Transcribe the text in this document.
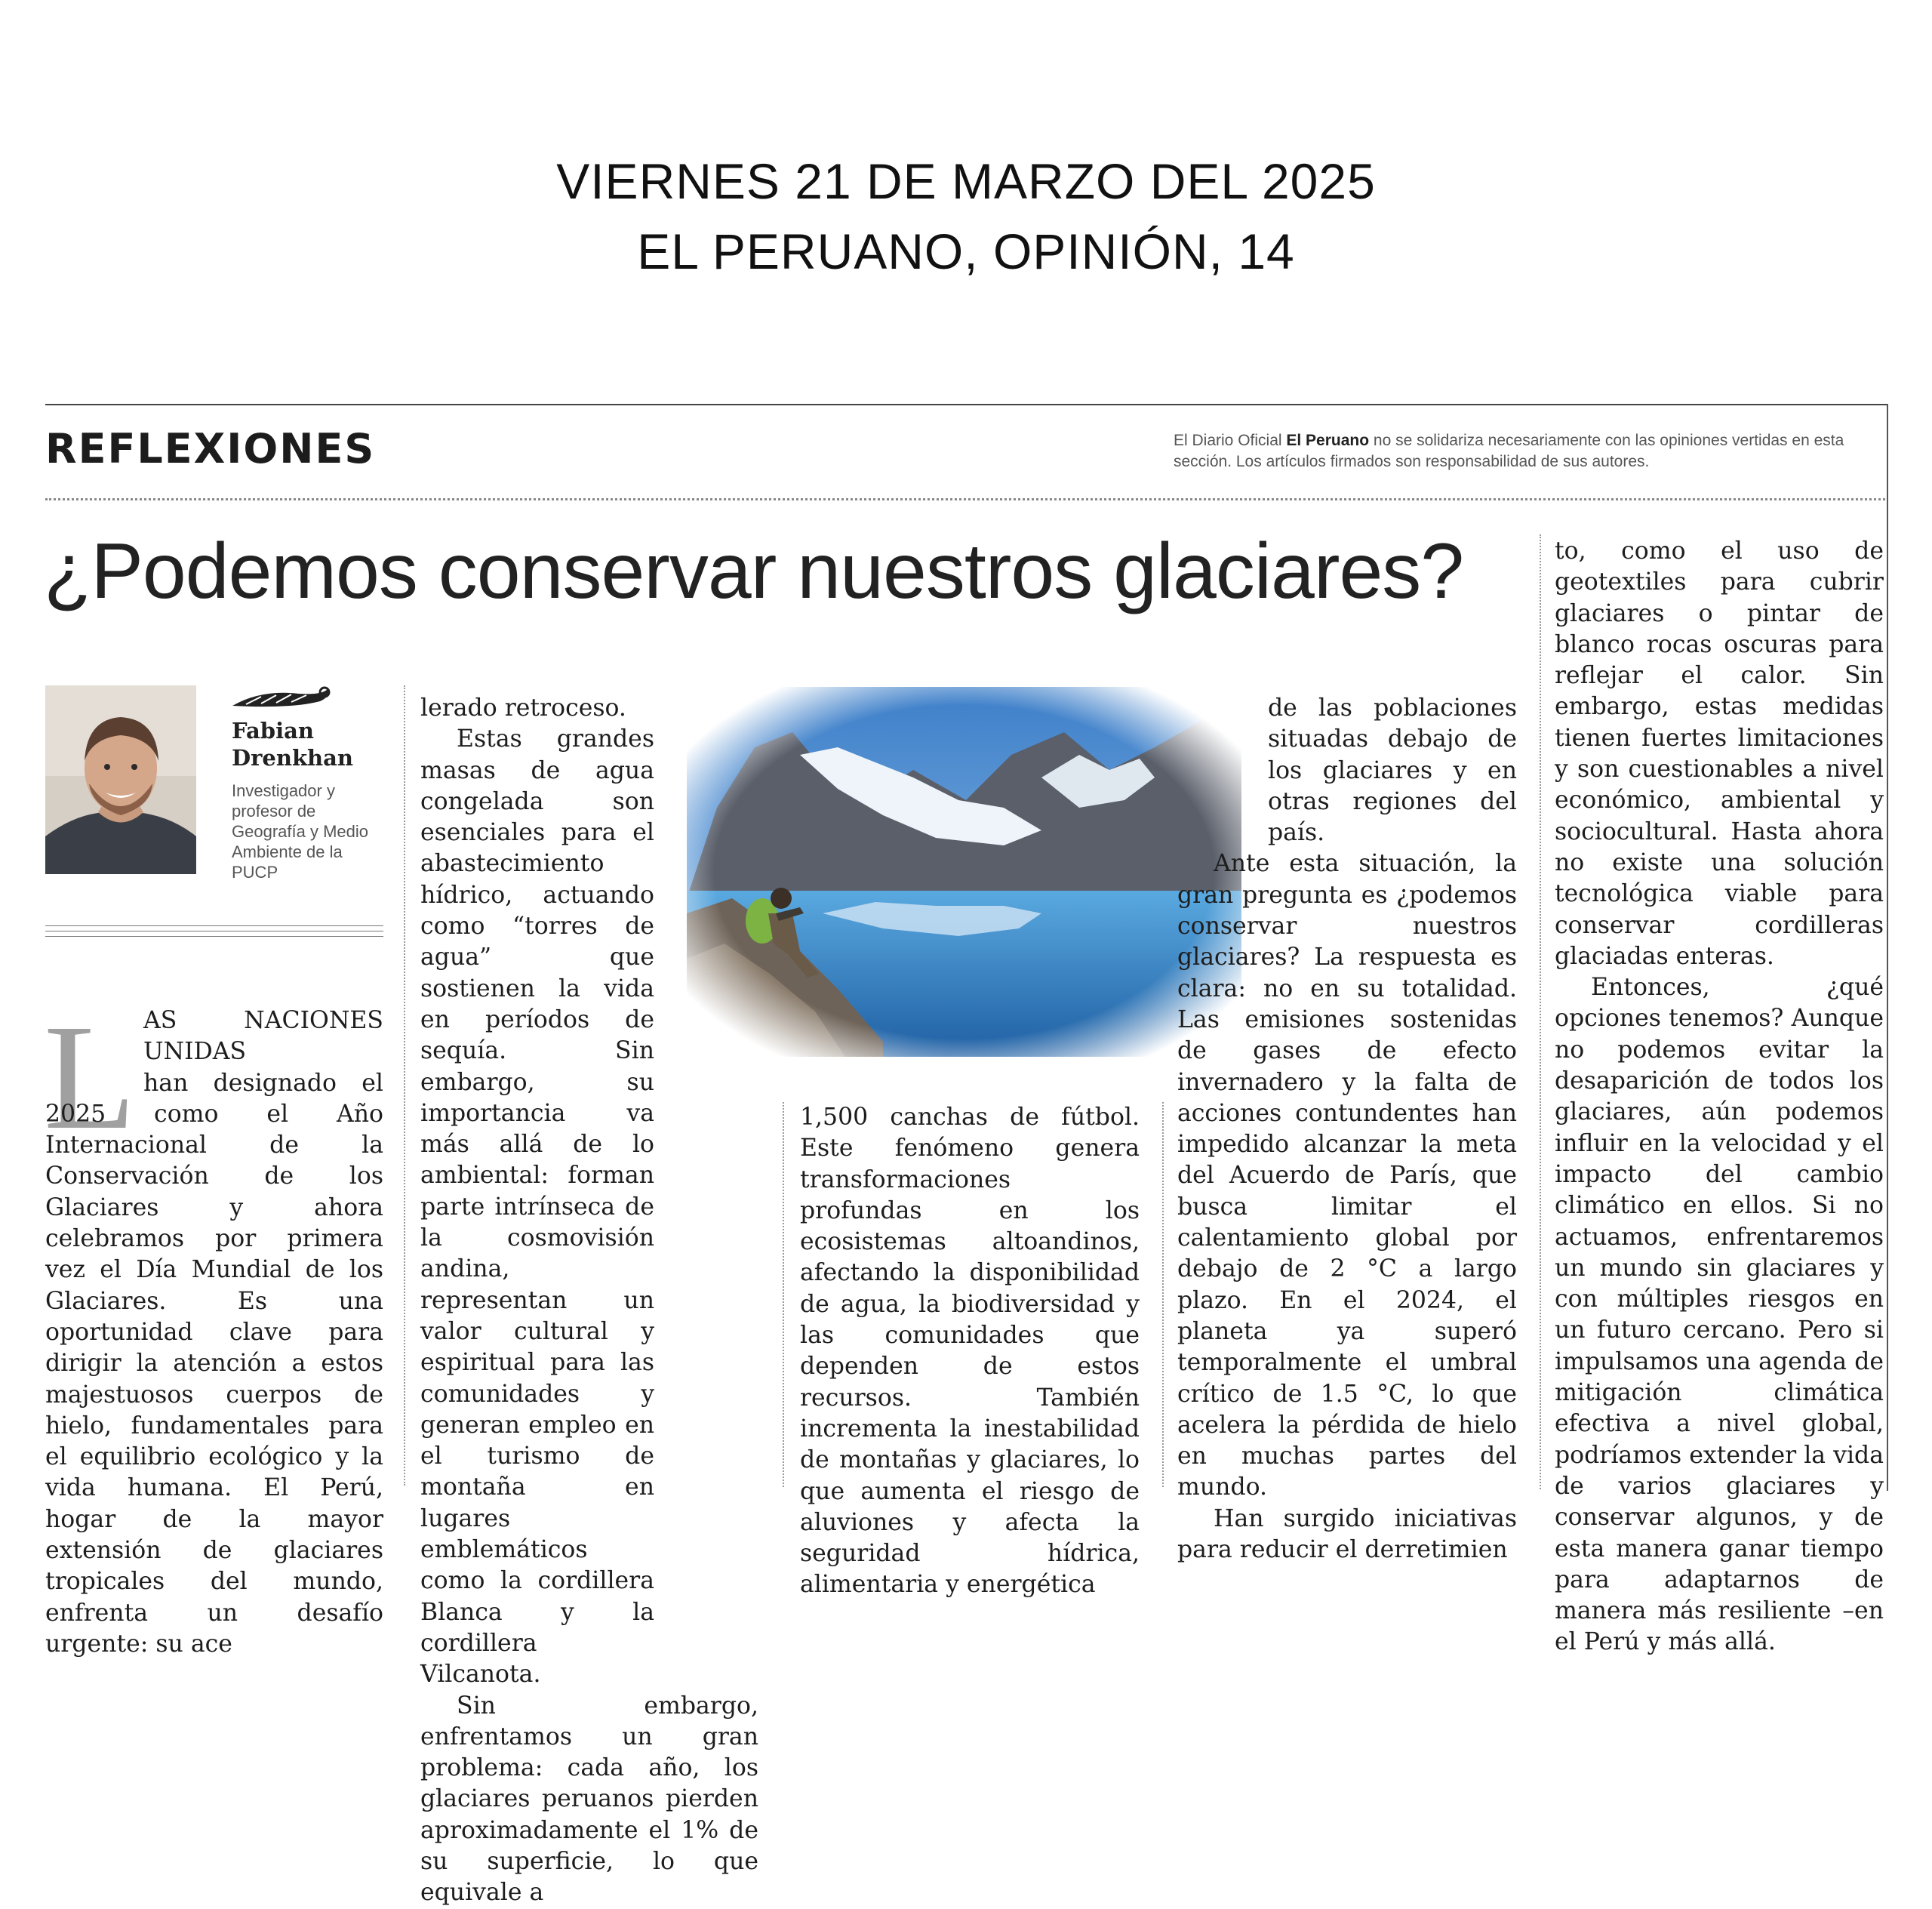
VIERNES 21 DE MARZO DEL 2025
EL PERUANO, OPINIÓN, 14
REFLEXIONES	El Diario Oficial El Peruano no se solidariza necesariamente con las opiniones vertidas en esta sección. Los artículos firmados son responsabilidad de sus autores.
¿Podemos conservar nuestros glaciares?
Fabian
Drenkhan
Investigador y profesor de Geografía y Medio Ambiente de la PUCP
L AS NACIONES UNIDAS

han designado el 2025 como el Año Internacional de la Conservación de los Glaciares y ahora celebramos por primera vez el Día Mundial de los Glaciares. Es una oportunidad clave para dirigir la atención a estos majestuosos cuerpos de hielo, fundamentales para el equilibrio ecológico y la vida humana. El Perú, hogar de la mayor extensión de glaciares tropicales del mundo, enfrenta un desafío urgente: su ace

lerado retroceso.

Estas grandes masas de agua congelada son esenciales para el abastecimiento hídrico, actuando como “torres de agua” que sostienen la vida en períodos de sequía. Sin embargo, su importancia va más allá de lo ambiental: forman parte intrínseca de la cosmovisión andina, representan un valor cultural y espiritual para las comunidades y generan empleo en el turismo de montaña en lugares emblemáticos como la cordillera Blanca y la cordillera Vilcanota.

Sin embargo, enfrentamos un gran problema: cada año, los glaciares peruanos pierden aproximadamente el 1% de su superficie, lo que equivale a

1,500 canchas de fútbol. Este fenómeno genera transformaciones profundas en los ecosistemas altoandinos, afectando la disponibilidad de agua, la biodiversidad y las comunidades que dependen de estos recursos. También incrementa la inestabilidad de montañas y glaciares, lo que aumenta el riesgo de aluviones y afecta la seguridad hídrica, alimentaria y energética

de las poblaciones situadas debajo de los glaciares y en otras regiones del país.

Ante esta situación, la gran pregunta es ¿podemos conservar nuestros glaciares? La respuesta es clara: no en su totalidad. Las emisiones sostenidas de gases de efecto invernadero y la falta de acciones contundentes han impedido alcanzar la meta del Acuerdo de París, que busca limitar el calentamiento global por debajo de 2 °C a largo plazo. En el 2024, el planeta ya superó temporalmente el umbral crítico de 1.5 °C, lo que acelera la pérdida de hielo en muchas partes del mundo.

Han surgido iniciativas para reducir el derretimien

to, como el uso de geotextiles para cubrir glaciares o pintar de blanco rocas oscuras para reflejar el calor. Sin embargo, estas medidas tienen fuertes limitaciones y son cuestionables a nivel económico, ambiental y sociocultural. Hasta ahora no existe una solución tecnológica viable para conservar cordilleras glaciadas enteras.

Entonces, ¿qué opciones tenemos? Aunque no podemos evitar la desaparición de todos los glaciares, aún podemos influir en la velocidad y el impacto del cambio climático en ellos. Si no actuamos, enfrentaremos un mundo sin glaciares y con múltiples riesgos en un futuro cercano. Pero si impulsamos una agenda de mitigación climática efectiva a nivel global, podríamos extender la vida de varios glaciares y conservar algunos, y de esta manera ganar tiempo para adaptarnos de manera más resiliente –en el Perú y más allá.
